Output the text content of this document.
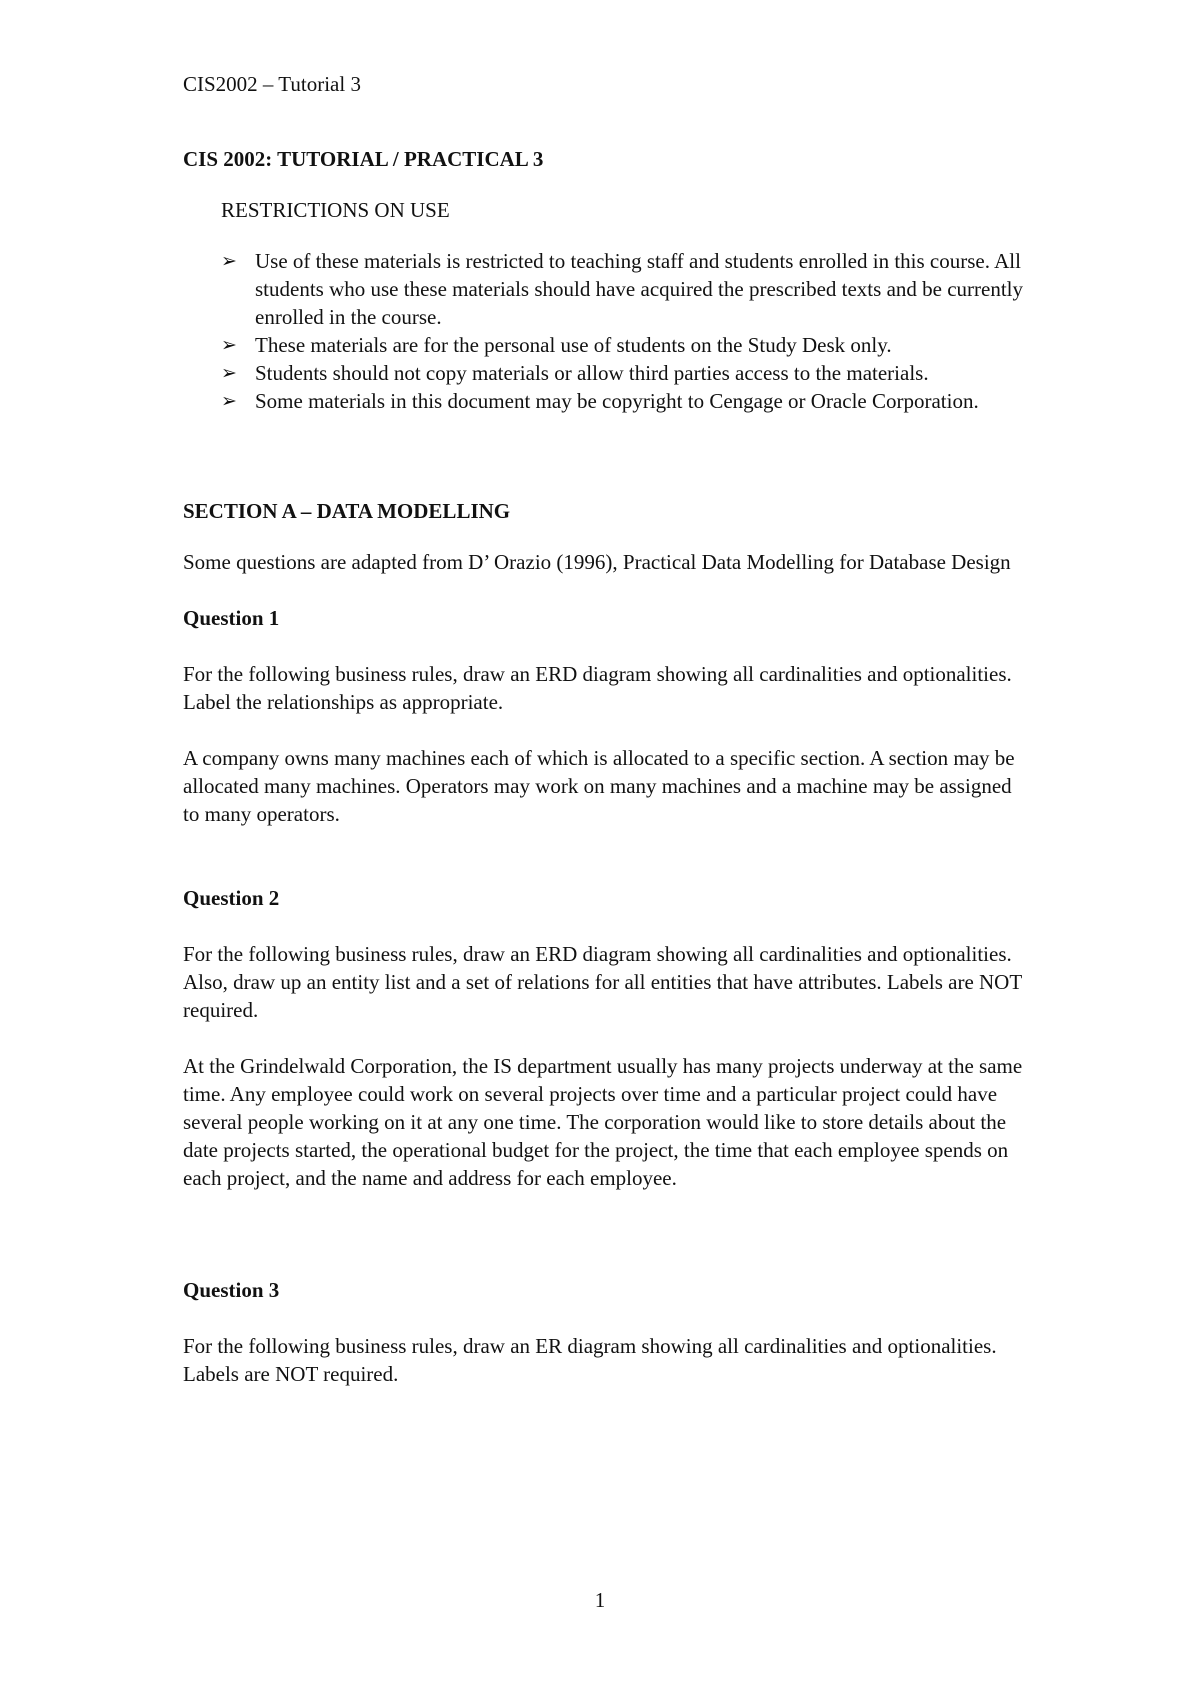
CIS2002 – Tutorial 3
CIS 2002: TUTORIAL / PRACTICAL 3
RESTRICTIONS ON USE
➢ Use of these materials is restricted to teaching staff and students enrolled in this course. All students who use these materials should have acquired the prescribed texts and be currently enrolled in the course.
➢ These materials are for the personal use of students on the Study Desk only.
➢ Students should not copy materials or allow third parties access to the materials.
➢ Some materials in this document may be copyright to Cengage or Oracle Corporation.
SECTION A – DATA MODELLING

Some questions are adapted from D’ Orazio (1996), Practical Data Modelling for Database Design

Question 1

For the following business rules, draw an ERD diagram showing all cardinalities and optionalities. Label the relationships as appropriate.

A company owns many machines each of which is allocated to a specific section. A section may be allocated many machines. Operators may work on many machines and a machine may be assigned to many operators.

Question 2

For the following business rules, draw an ERD diagram showing all cardinalities and optionalities. Also, draw up an entity list and a set of relations for all entities that have attributes. Labels are NOT required.

At the Grindelwald Corporation, the IS department usually has many projects underway at the same time. Any employee could work on several projects over time and a particular project could have several people working on it at any one time. The corporation would like to store details about the date projects started, the operational budget for the project, the time that each employee spends on each project, and the name and address for each employee.

Question 3

For the following business rules, draw an ER diagram showing all cardinalities and optionalities. Labels are NOT required.

1
